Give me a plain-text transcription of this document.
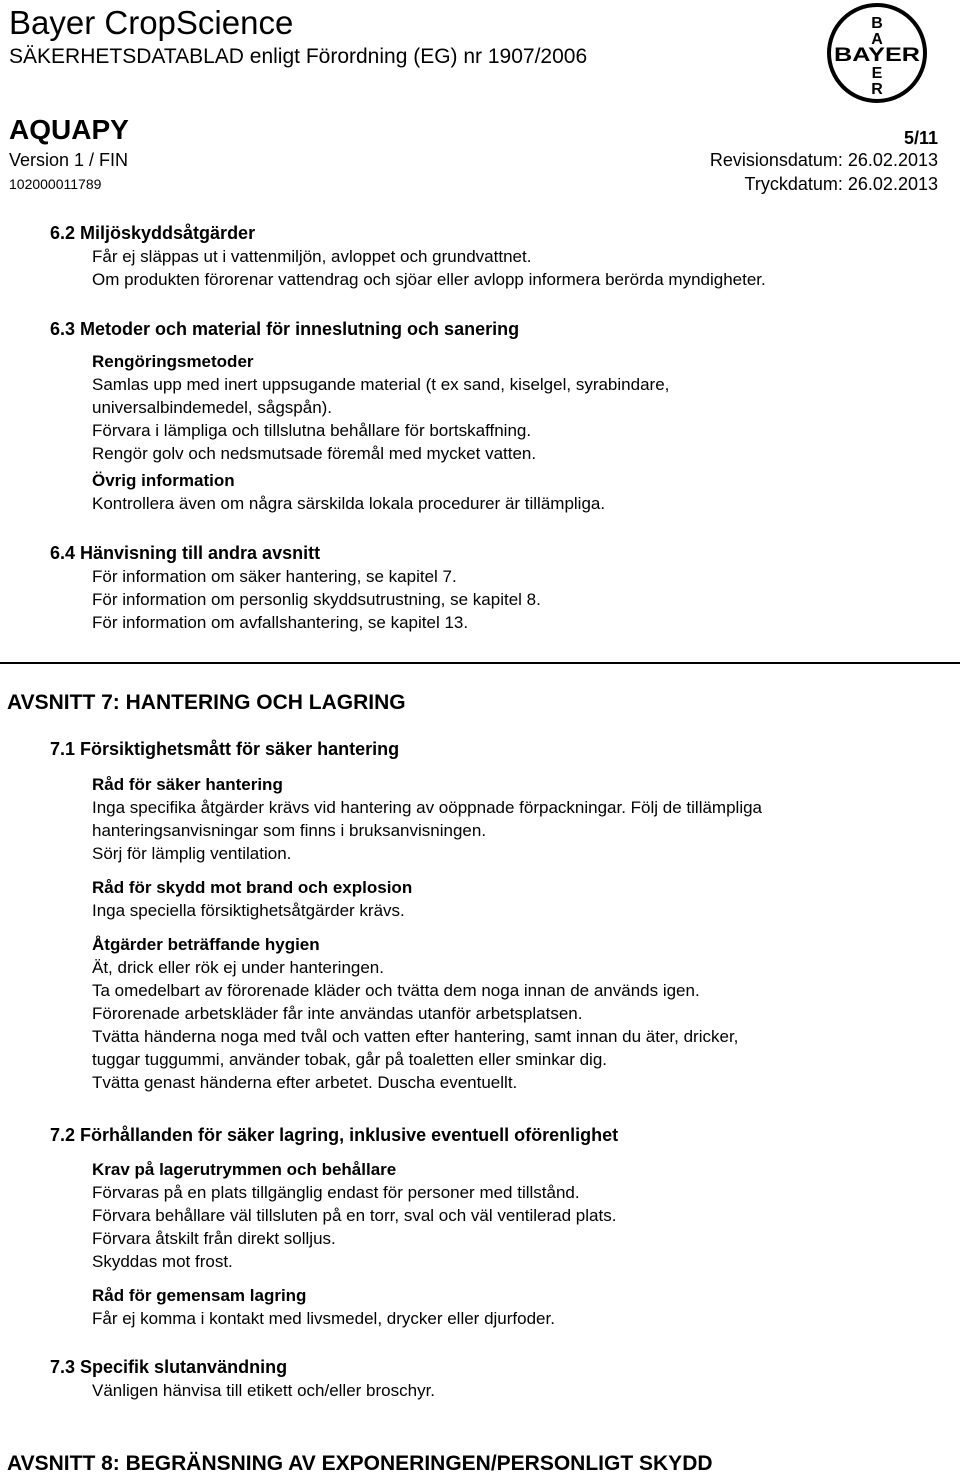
Bayer CropScience
SÄKERHETSDATABLAD enligt Förordning (EG) nr 1907/2006
B
A
BAYER
E
R
AQUAPY	5/11
Version 1 / FIN	Revisionsdatum: 26.02.2013
102000011789	Tryckdatum: 26.02.2013
6.2 Miljöskyddsåtgärder
Får ej släppas ut i vattenmiljön, avloppet och grundvattnet.
Om produkten förorenar vattendrag och sjöar eller avlopp informera berörda myndigheter.
6.3 Metoder och material för inneslutning och sanering
Rengöringsmetoder
Samlas upp med inert uppsugande material (t ex sand, kiselgel, syrabindare,
universalbindemedel, sågspån).
Förvara i lämpliga och tillslutna behållare för bortskaffning.
Rengör golv och nedsmutsade föremål med mycket vatten.
Övrig information
Kontrollera även om några särskilda lokala procedurer är tillämpliga.
6.4 Hänvisning till andra avsnitt
För information om säker hantering, se kapitel 7.
För information om personlig skyddsutrustning, se kapitel 8.
För information om avfallshantering, se kapitel 13.
AVSNITT 7: HANTERING OCH LAGRING
7.1 Försiktighetsmått för säker hantering
Råd för säker hantering
Inga specifika åtgärder krävs vid hantering av oöppnade förpackningar. Följ de tillämpliga
hanteringsanvisningar som finns i bruksanvisningen.
Sörj för lämplig ventilation.
Råd för skydd mot brand och explosion
Inga speciella försiktighetsåtgärder krävs.
Åtgärder beträffande hygien
Ät, drick eller rök ej under hanteringen.
Ta omedelbart av förorenade kläder och tvätta dem noga innan de används igen.
Förorenade arbetskläder får inte användas utanför arbetsplatsen.
Tvätta händerna noga med tvål och vatten efter hantering, samt innan du äter, dricker,
tuggar tuggummi, använder tobak, går på toaletten eller sminkar dig.
Tvätta genast händerna efter arbetet. Duscha eventuellt.
7.2 Förhållanden för säker lagring, inklusive eventuell oförenlighet
Krav på lagerutrymmen och behållare
Förvaras på en plats tillgänglig endast för personer med tillstånd.
Förvara behållare väl tillsluten på en torr, sval och väl ventilerad plats.
Förvara åtskilt från direkt solljus.
Skyddas mot frost.
Råd för gemensam lagring
Får ej komma i kontakt med livsmedel, drycker eller djurfoder.
7.3 Specifik slutanvändning
Vänligen hänvisa till etikett och/eller broschyr.
AVSNITT 8: BEGRÄNSNING AV EXPONERINGEN/PERSONLIGT SKYDD
